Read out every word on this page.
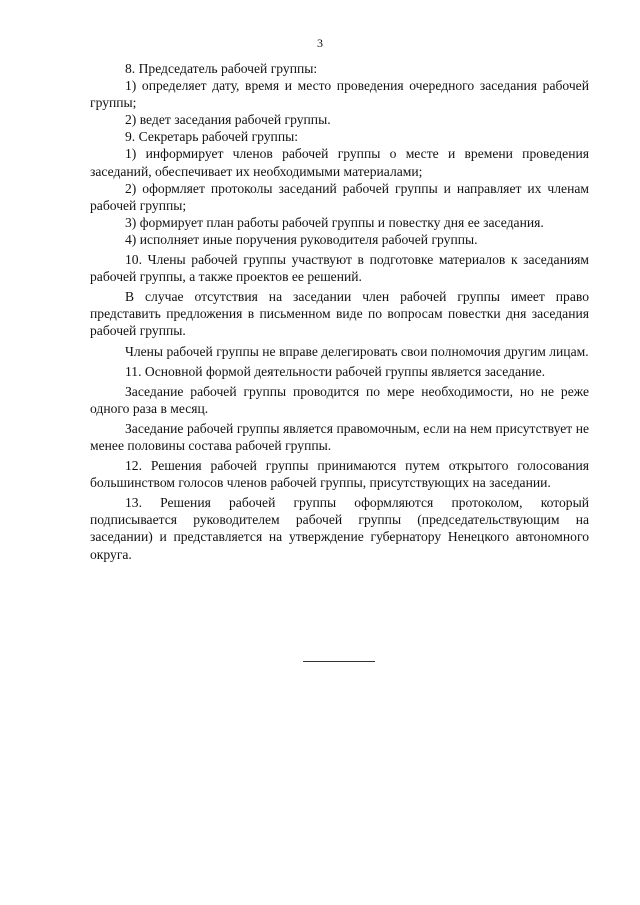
3

8. Председатель рабочей группы:

1) определяет дату, время и место проведения очередного заседания рабочей группы;

2) ведет заседания рабочей группы.

9. Секретарь рабочей группы:

1) информирует членов рабочей группы о месте и времени проведения заседаний, обеспечивает их необходимыми материалами;

2) оформляет протоколы заседаний рабочей группы и направляет их членам рабочей группы;

3) формирует план работы рабочей группы и повестку дня ее заседания.

4) исполняет иные поручения руководителя рабочей группы.

10. Члены рабочей группы участвуют в подготовке материалов к заседаниям рабочей группы, а также проектов ее решений.

В случае отсутствия на заседании член рабочей группы имеет право представить предложения в письменном виде по вопросам повестки дня заседания рабочей группы.

Члены рабочей группы не вправе делегировать свои полномочия другим лицам.

11. Основной формой деятельности рабочей группы является заседание.

Заседание рабочей группы проводится по мере необходимости, но не реже одного раза в месяц.

Заседание рабочей группы является правомочным, если на нем присутствует не менее половины состава рабочей группы.

12. Решения рабочей группы принимаются путем открытого голосования большинством голосов членов рабочей группы, присутствующих на заседании.

13. Решения рабочей группы оформляются протоколом, который подписывается руководителем рабочей группы (председательствующим на заседании) и представляется на утверждение губернатору Ненецкого автономного округа.
